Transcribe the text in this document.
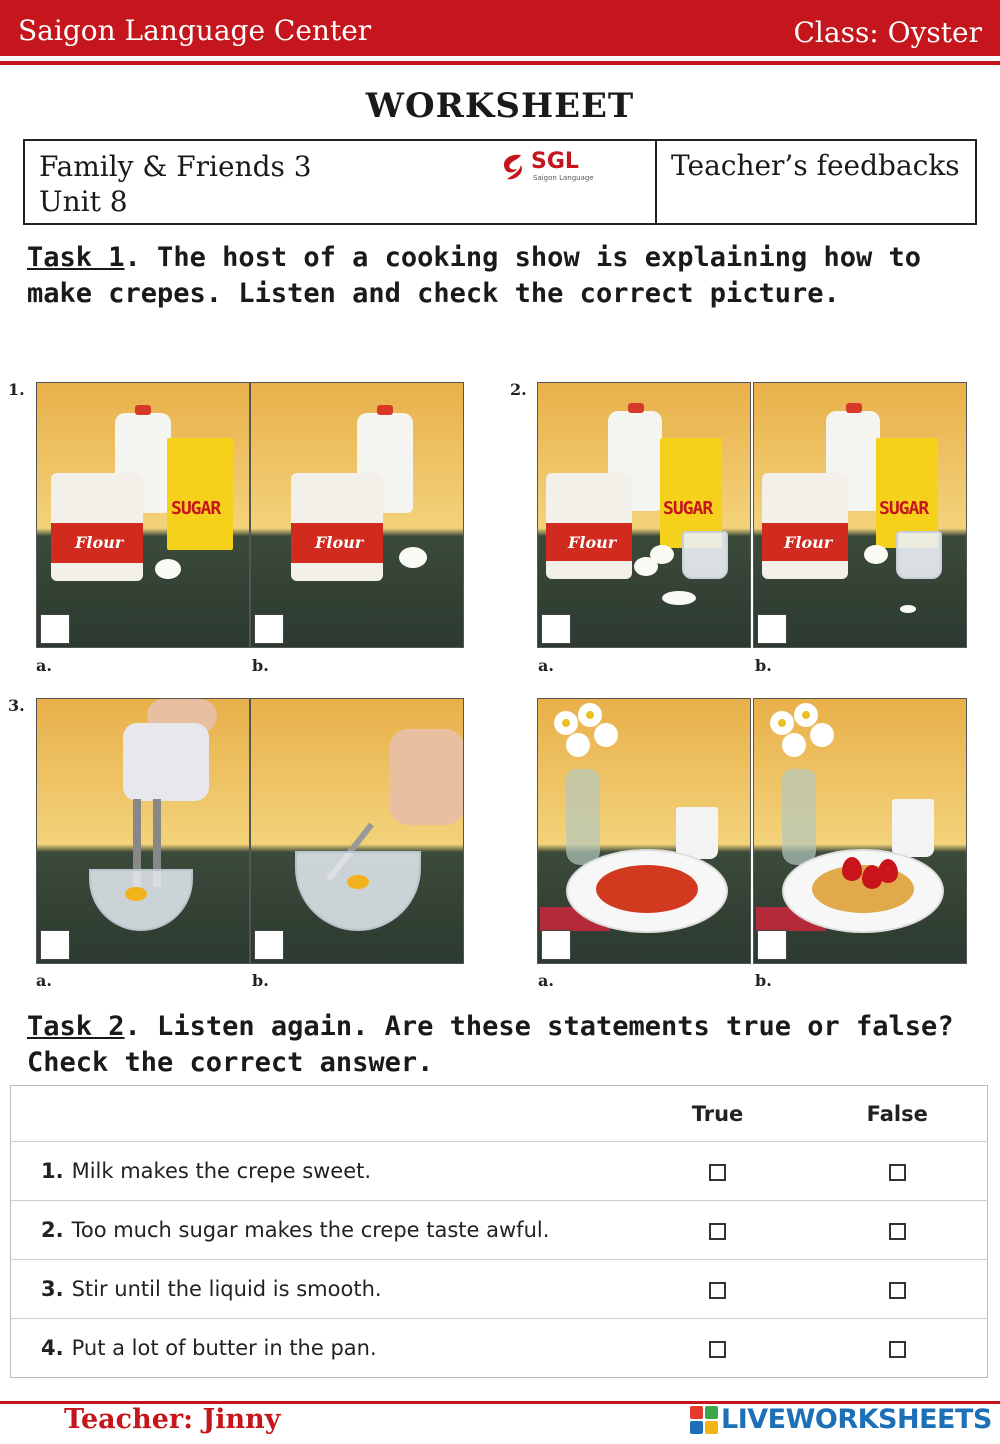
Saigon Language Center	Class: Oyster
WORKSHEET
Family & Friends 3
Unit 8
SGL
Saigon Language	Teacher’s feedbacks
Task 1. The host of a cooking show is explaining how to make crepes. Listen and check the correct picture.
1.
SUGAR
Flour	Flour
a.	b.
2.
SUGAR
Flour
SUGAR
Flour
a.	b.
3.
a.	b.	a.	b.
Task 2. Listen again. Are these statements true or false? Check the correct answer.
	True	False
1. Milk makes the crepe sweet.		
2. Too much sugar makes the crepe taste awful.		
3. Stir until the liquid is smooth.		
4. Put a lot of butter in the pan.		
Teacher: Jinny	LIVEWORKSHEETS
